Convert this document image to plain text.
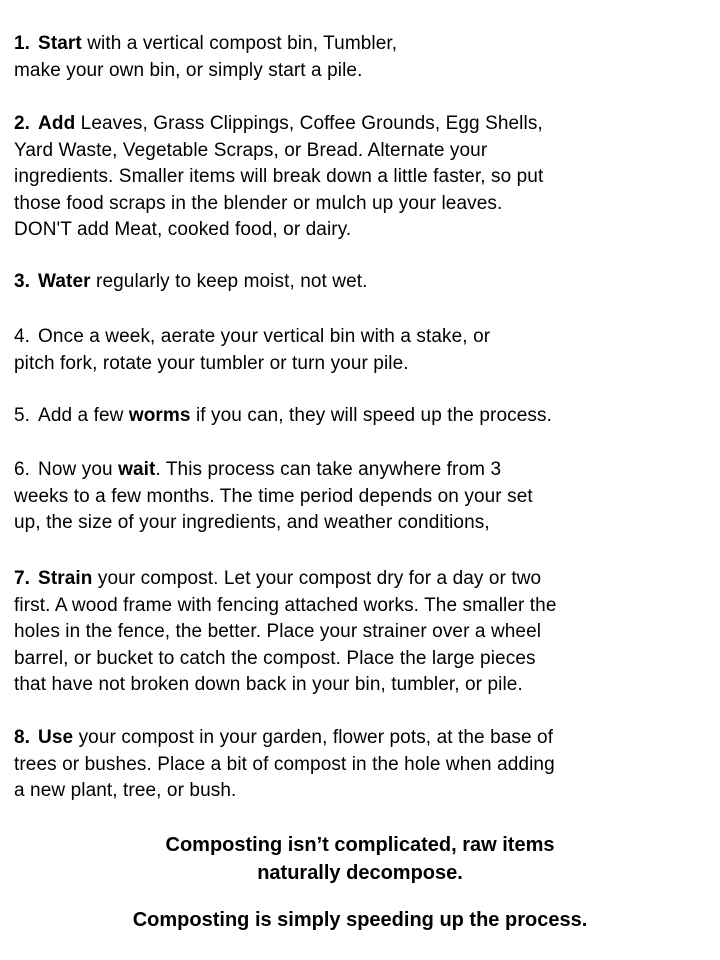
1. Start with a vertical compost bin, Tumbler,
make your own bin, or simply start a pile.

2. Add Leaves, Grass Clippings, Coffee Grounds, Egg Shells,
Yard Waste, Vegetable Scraps, or Bread. Alternate your
ingredients. Smaller items will break down a little faster, so put
those food scraps in the blender or mulch up your leaves.
DON'T add Meat, cooked food, or dairy.

3. Water regularly to keep moist, not wet.

4. Once a week, aerate your vertical bin with a stake, or
pitch fork, rotate your tumbler or turn your pile.

5. Add a few worms if you can, they will speed up the process.

6. Now you wait. This process can take anywhere from 3
weeks to a few months. The time period depends on your set
up, the size of your ingredients, and weather conditions,

7. Strain your compost. Let your compost dry for a day or two
first. A wood frame with fencing attached works. The smaller the
holes in the fence, the better. Place your strainer over a wheel
barrel, or bucket to catch the compost. Place the large pieces
that have not broken down back in your bin, tumbler, or pile.

8. Use your compost in your garden, flower pots, at the base of
trees or bushes. Place a bit of compost in the hole when adding
a new plant, tree, or bush.

Composting isn’t complicated, raw items
naturally decompose.

Composting is simply speeding up the process.
